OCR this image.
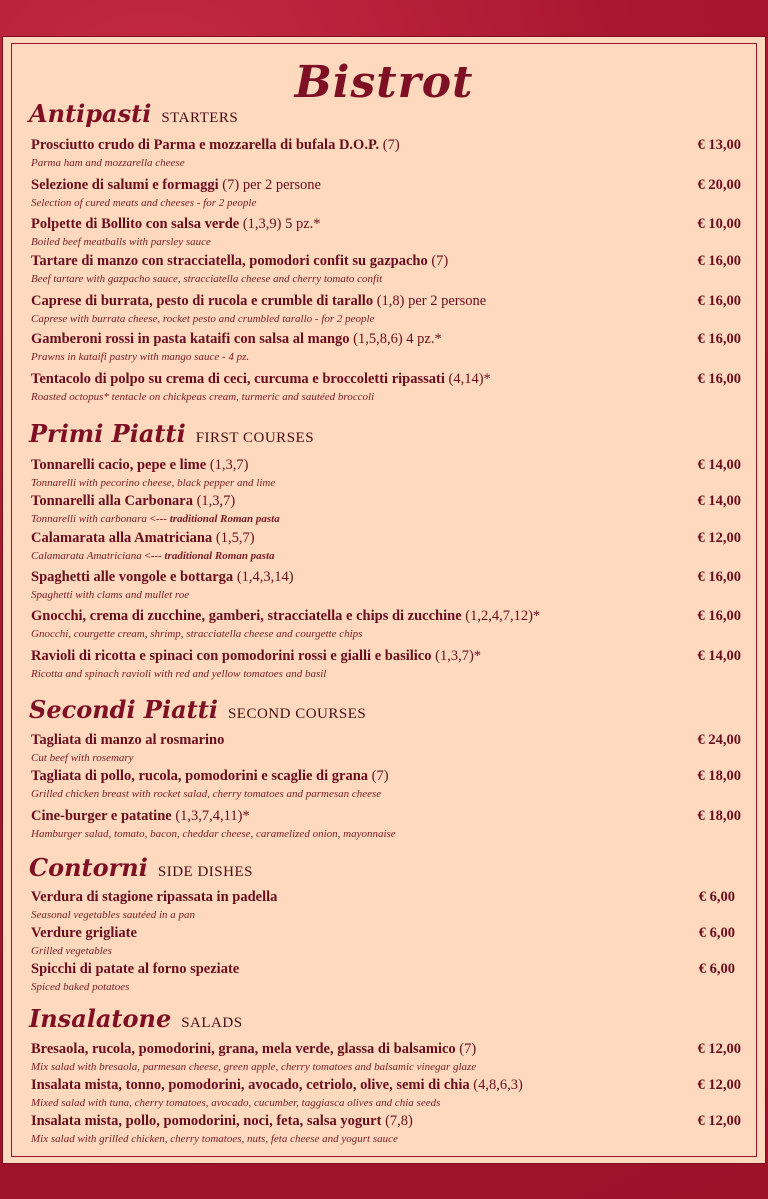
Bistrot
Antipasti STARTERS
Prosciutto crudo di Parma e mozzarella di bufala D.O.P. (7)
Parma ham and mozzarella cheese
€ 13,00
Selezione di salumi e formaggi (7) per 2 persone
Selection of cured meats and cheeses - for 2 people
€ 20,00
Polpette di Bollito con salsa verde (1,3,9) 5 pz.*
Boiled beef meatballs with parsley sauce
€ 10,00
Tartare di manzo con stracciatella, pomodori confit su gazpacho (7)
Beef tartare with gazpacho sauce, stracciatella cheese and cherry tomato confit
€ 16,00
Caprese di burrata, pesto di rucola e crumble di tarallo (1,8) per 2 persone
Caprese with burrata cheese, rocket pesto and crumbled tarallo - for 2 people
€ 16,00
Gamberoni rossi in pasta kataifi con salsa al mango (1,5,8,6) 4 pz.*
Prawns in kataifi pastry with mango sauce - 4 pz.
€ 16,00
Tentacolo di polpo su crema di ceci, curcuma e broccoletti ripassati (4,14)*
Roasted octopus* tentacle on chickpeas cream, turmeric and sautéed broccoli
€ 16,00
Primi Piatti FIRST COURSES
Tonnarelli cacio, pepe e lime (1,3,7)
Tonnarelli with pecorino cheese, black pepper and lime
€ 14,00
Tonnarelli alla Carbonara (1,3,7)
Tonnarelli with carbonara <--- traditional Roman pasta
€ 14,00
Calamarata alla Amatriciana (1,5,7)
Calamarata Amatriciana <--- traditional Roman pasta
€ 12,00
Spaghetti alle vongole e bottarga (1,4,3,14)
Spaghetti with clams and mullet roe
€ 16,00
Gnocchi, crema di zucchine, gamberi, stracciatella e chips di zucchine (1,2,4,7,12)*
Gnocchi, courgette cream, shrimp, stracciatella cheese and courgette chips
€ 16,00
Ravioli di ricotta e spinaci con pomodorini rossi e gialli e basilico (1,3,7)*
Ricotta and spinach ravioli with red and yellow tomatoes and basil
€ 14,00
Secondi Piatti SECOND COURSES
Tagliata di manzo al rosmarino
Cut beef with rosemary
€ 24,00
Tagliata di pollo, rucola, pomodorini e scaglie di grana (7)
Grilled chicken breast with rocket salad, cherry tomatoes and parmesan cheese
€ 18,00
Cine-burger e patatine (1,3,7,4,11)*
Hamburger salad, tomato, bacon, cheddar cheese, caramelized onion, mayonnaise
€ 18,00
Contorni SIDE DISHES
Verdura di stagione ripassata in padella
Seasonal vegetables sautéed in a pan
€ 6,00
Verdure grigliate
Grilled vegetables
€ 6,00
Spicchi di patate al forno speziate
Spiced baked potatoes
€ 6,00
Insalatone SALADS
Bresaola, rucola, pomodorini, grana, mela verde, glassa di balsamico (7)
Mix salad with bresaola, parmesan cheese, green apple, cherry tomatoes and balsamic vinegar glaze
€ 12,00
Insalata mista, tonno, pomodorini, avocado, cetriolo, olive, semi di chia (4,8,6,3)
Mixed salad with tuna, cherry tomatoes, avocado, cucumber, taggiasca olives and chia seeds
€ 12,00
Insalata mista, pollo, pomodorini, noci, feta, salsa yogurt (7,8)
Mix salad with grilled chicken, cherry tomatoes, nuts, feta cheese and yogurt sauce
€ 12,00
